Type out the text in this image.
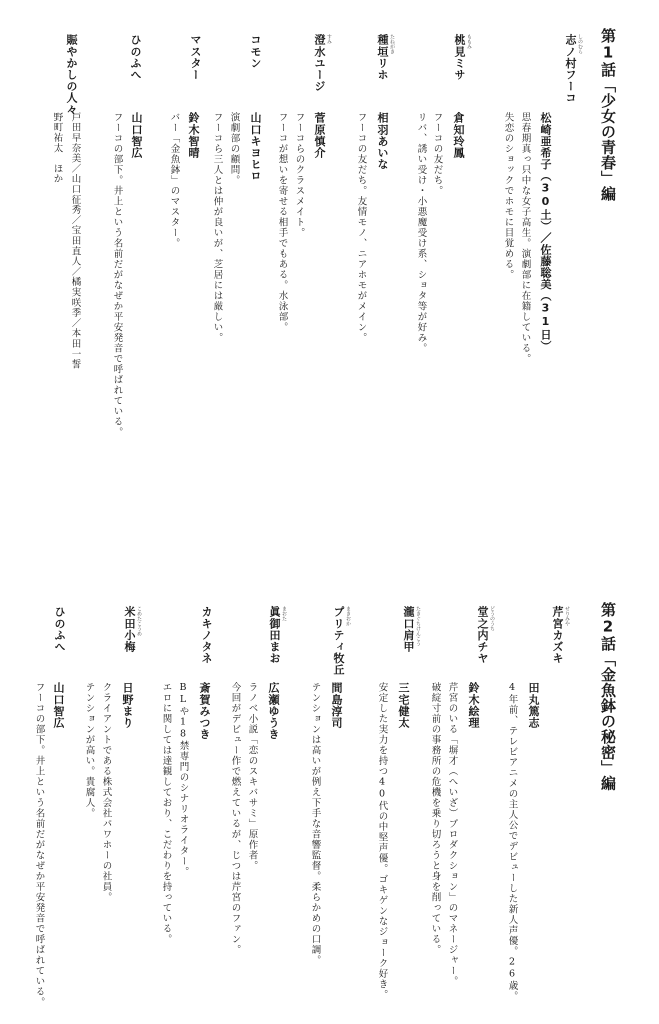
第1話「少女の青春」編
志ノ村フーコ しのむら
松崎亜希子（30土）／佐藤聡美（31日）
思春期真っ只中な女子高生。演劇部に在籍している。
失恋のショックでホモに目覚める。
桃見ミサ ももみ
倉知玲鳳
フーコの友だち。
リバ、誘い受け・小悪魔受け系、ショタ等が好み。
種垣リホ たねがき
相羽あいな
フーコの友だち。友情モノ、ニアホモがメイン。
澄水ユージ すみ
菅原慎介
フーコらのクラスメイト。
フーコが想いを寄せる相手でもある。水泳部。
コモン
山口キヨヒロ
演劇部の顧問。
フーコら三人とは仲が良いが、芝居には厳しい。
マスター
鈴木智晴
バー「金魚鉢」のマスター。
ひのふへ
山口智広
フーコの部下。井上という名前だがなぜか平安発音で呼ばれている。
賑やかしの人々
戸田早奈美／山口征秀／宝田直人／橘実咲季／本田一誓
野町祐太　ほか
第2話「金魚鉢の秘密」編
芹宮カズキ せりみや
田丸篤志
4年前、テレビアニメの主人公でデビューした新人声優。26歳。
堂之内チヤ どうのうち
鈴木絵理
芹宮のいる「塀才（へいざ）プロダクション」のマネージャー。
破綻寸前の事務所の危機を乗り切ろうと身を削っている。
瀧口肩甲 たきぐちけんこう
三宅健太
安定した実力を持つ40代の中堅声優。ゴキゲンなジョーク好き。
プリティ牧丘 まきおか
間島淳司
テンションは高いが例え下手な音響監督。柔らかめの口調。
眞御田まお まおた
広瀬ゆうき
ラノベ小説「恋のスキバサミ」原作者。
今回がデビュー作で燃えているが、じつは芹宮のファン。
カキノタネ
斎賀みつき
BLや18禁専門のシナリオライター。
エロに関しては達観しており、こだわりを持っている。
米田小梅 こめたこうめ
日野まり
クライアントである株式会社パワホーの社員。
テンションが高い。貴腐人。
ひのふへ
山口智広
フーコの部下。井上という名前だがなぜか平安発音で呼ばれている。
